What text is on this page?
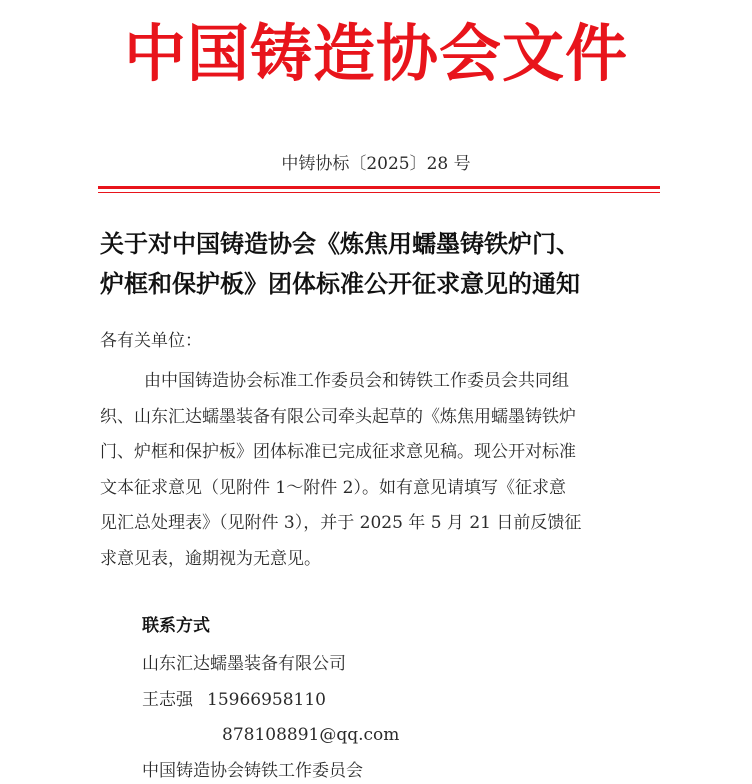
中国铸造协会文件
中铸协标〔2025〕28 号
关于对中国铸造协会《炼焦用蠕墨铸铁炉门、
炉框和保护板》团体标准公开征求意见的通知
各有关单位：
由中国铸造协会标准工作委员会和铸铁工作委员会共同组
织、山东汇达蠕墨装备有限公司牵头起草的《炼焦用蠕墨铸铁炉
门、炉框和保护板》团体标准已完成征求意见稿。现公开对标准
文本征求意见（见附件 1～附件 2）。如有意见请填写《征求意
见汇总处理表》（见附件 3），并于 2025 年 5 月 21 日前反馈征
求意见表，逾期视为无意见。
联系方式
山东汇达蠕墨装备有限公司
王志强 15966958110
878108891@qq.com
中国铸造协会铸铁工作委员会
